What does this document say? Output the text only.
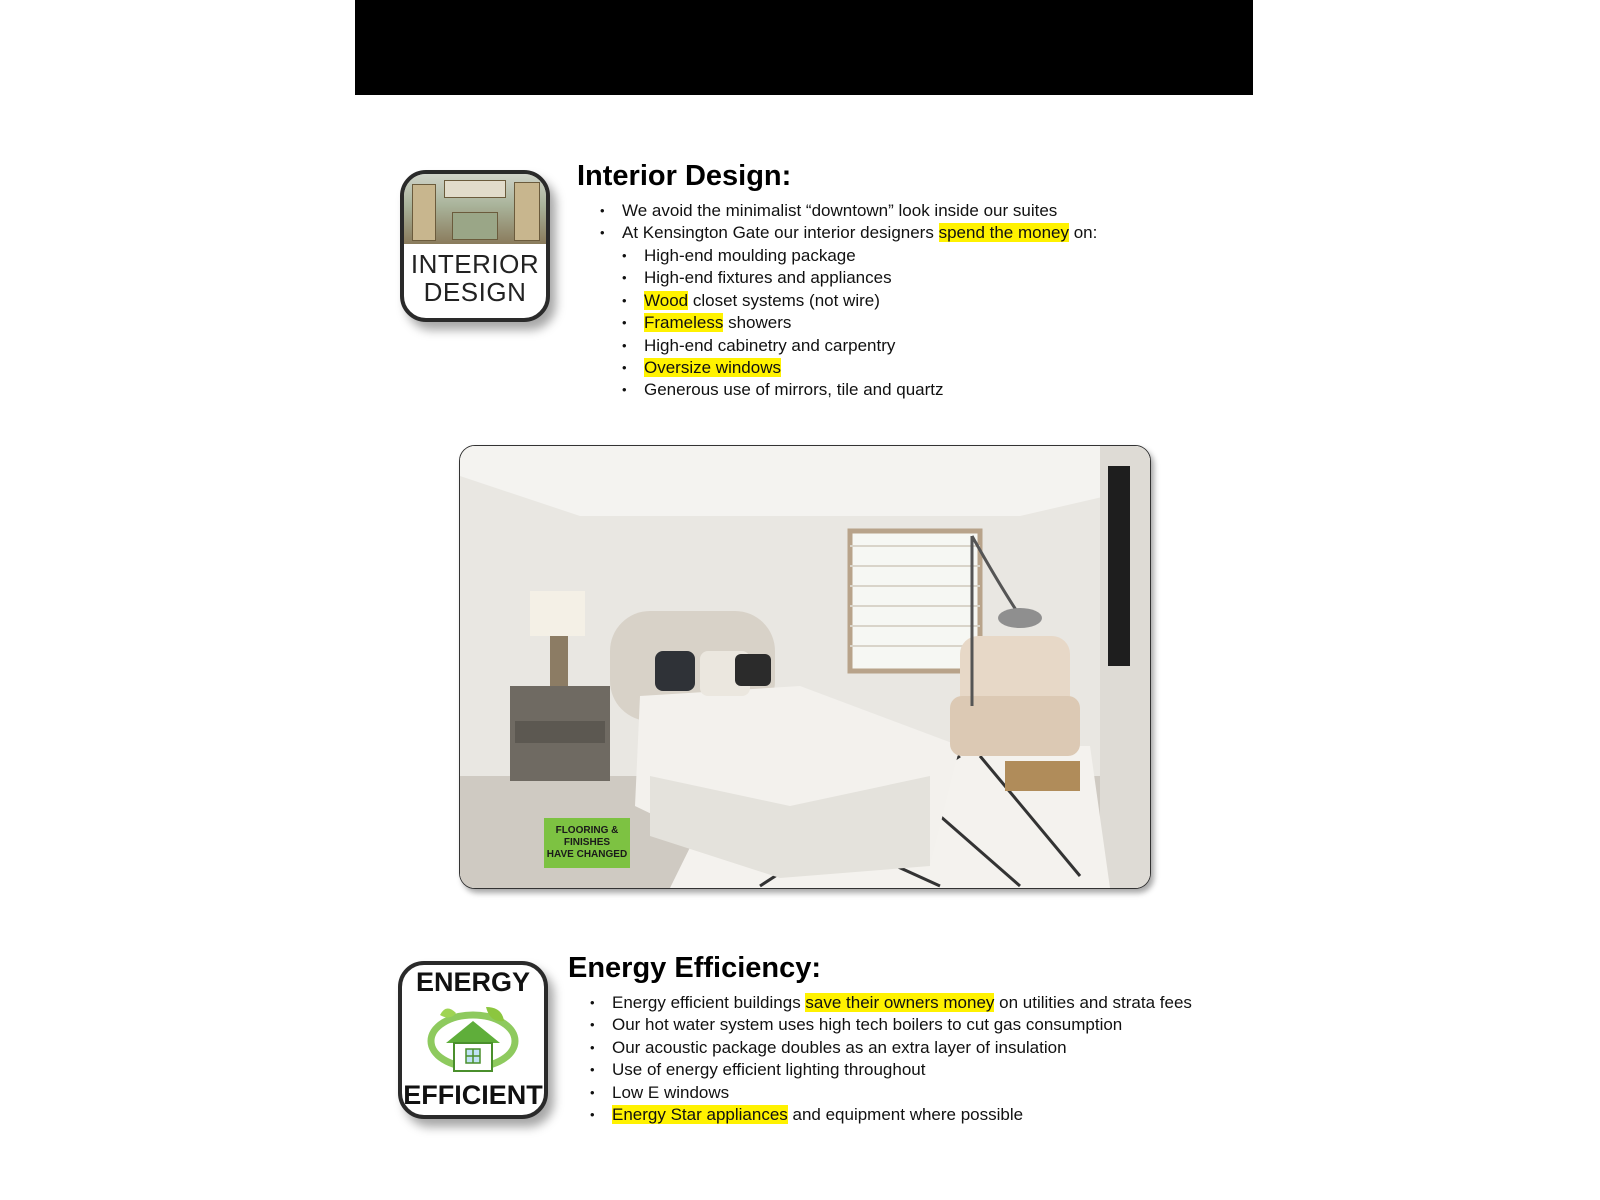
INTERIOR
DESIGN
Interior Design:
• We avoid the minimalist “downtown” look inside our suites
• At Kensington Gate our interior designers spend the money on:
• High-end moulding package
• High-end fixtures and appliances
• Wood closet systems (not wire)
• Frameless showers
• High-end cabinetry and carpentry
• Oversize windows
• Generous use of mirrors, tile and quartz
FLOORING &
FINISHES
HAVE CHANGED
ENERGY
EFFICIENT
Energy Efficiency:
• Energy efficient buildings save their owners money on utilities and strata fees
• Our hot water system uses high tech boilers to cut gas consumption
• Our acoustic package doubles as an extra layer of insulation
• Use of energy efficient lighting throughout
• Low E windows
• Energy Star appliances and equipment where possible
